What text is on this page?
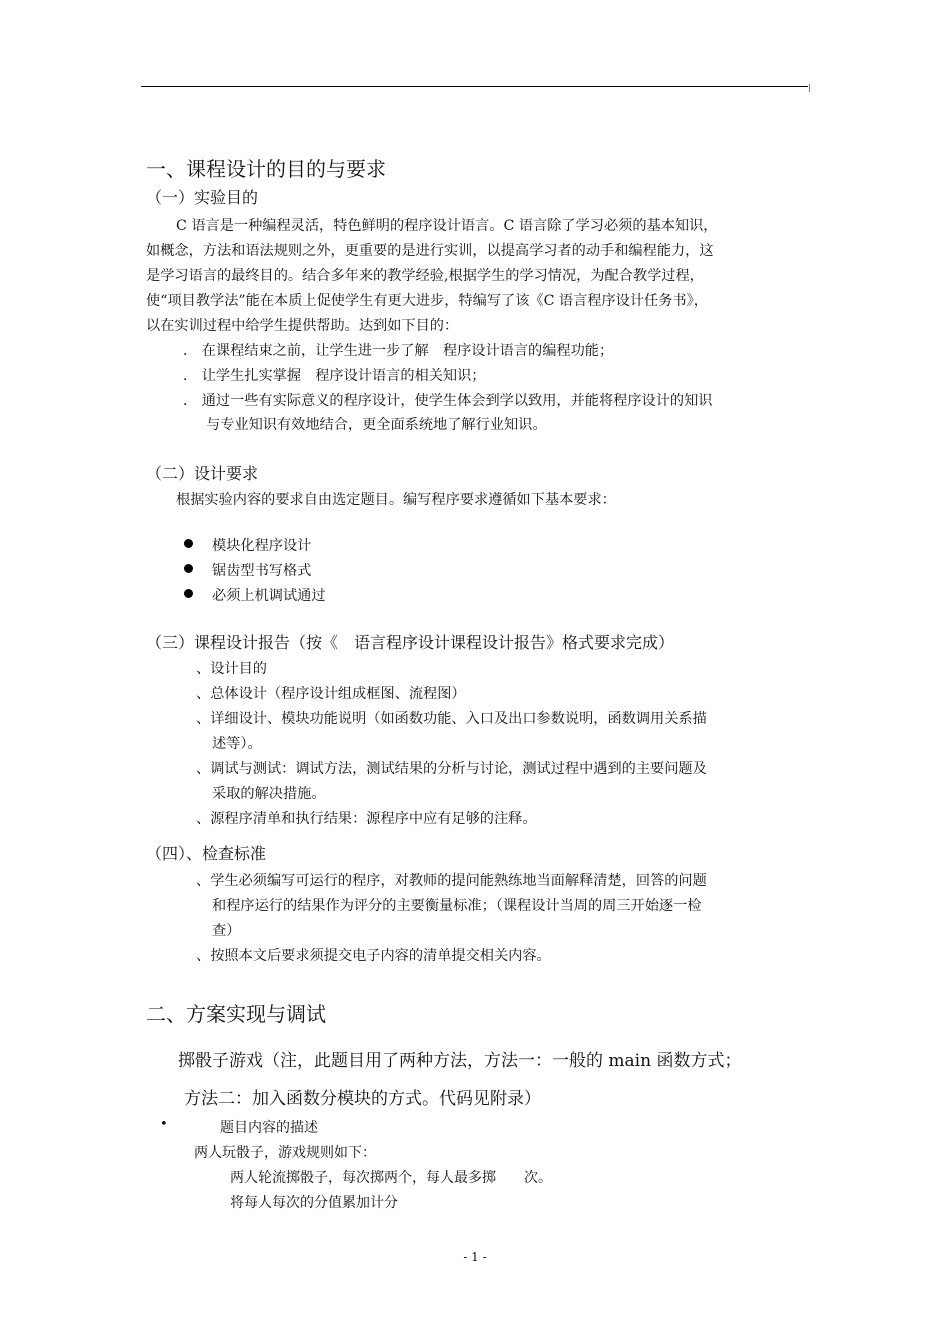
一、课程设计的目的与要求
（一）实验目的
C 语言是一种编程灵活，特色鲜明的程序设计语言。C 语言除了学习必须的基本知识，
如概念，方法和语法规则之外，更重要的是进行实训，以提高学习者的动手和编程能力，这
是学习语言的最终目的。结合多年来的教学经验,根据学生的学习情况，为配合教学过程，
使“项目教学法”能在本质上促使学生有更大进步，特编写了该《C 语言程序设计任务书》，
以在实训过程中给学生提供帮助。达到如下目的：
． 在课程结束之前，让学生进一步了解　程序设计语言的编程功能；
． 让学生扎实掌握　程序设计语言的相关知识；
． 通过一些有实际意义的程序设计，使学生体会到学以致用，并能将程序设计的知识
与专业知识有效地结合，更全面系统地了解行业知识。
（二）设计要求
根据实验内容的要求自由选定题目。编写程序要求遵循如下基本要求：
模块化程序设计
锯齿型书写格式
必须上机调试通过
（三）课程设计报告（按《　语言程序设计课程设计报告》格式要求完成）
、设计目的
、总体设计（程序设计组成框图、流程图）
、详细设计、模块功能说明（如函数功能、入口及出口参数说明，函数调用关系描
述等）。
、调试与测试：调试方法，测试结果的分析与讨论，测试过程中遇到的主要问题及
采取的解决措施。
、源程序清单和执行结果：源程序中应有足够的注释。
（四）、检查标准
、学生必须编写可运行的程序，对教师的提问能熟练地当面解释清楚，回答的问题
和程序运行的结果作为评分的主要衡量标准；（课程设计当周的周三开始逐一检
查）
、按照本文后要求须提交电子内容的清单提交相关内容。
二、方案实现与调试
掷骰子游戏（注，此题目用了两种方法，方法一：一般的 main 函数方式；
方法二：加入函数分模块的方式。代码见附录）
•	题目内容的描述
两人玩骰子，游戏规则如下：
两人轮流掷骰子，每次掷两个，每人最多掷　　次。
将每人每次的分值累加计分
- 1 -
